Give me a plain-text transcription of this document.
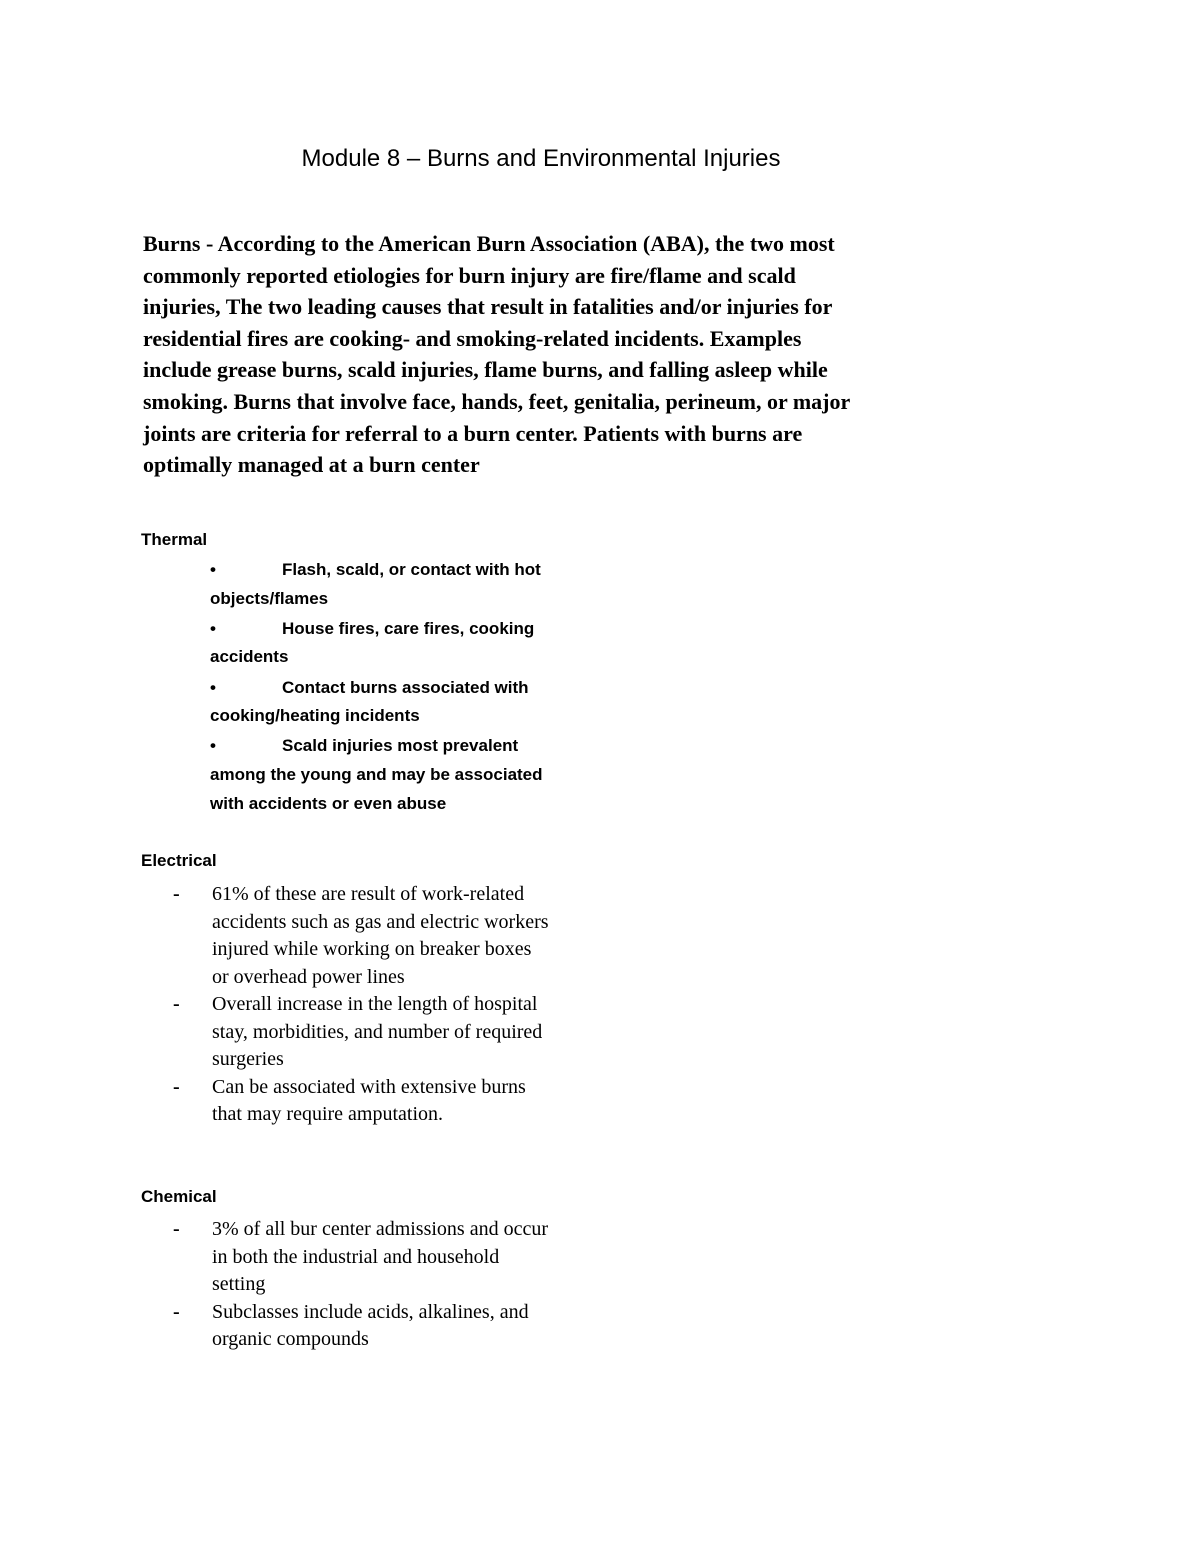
Module 8 – Burns and Environmental Injuries
Burns - According to the American Burn Association (ABA), the two most commonly reported etiologies for burn injury are fire/flame and scald injuries, The two leading causes that result in fatalities and/or injuries for residential fires are cooking- and smoking-related incidents. Examples include grease burns, scald injuries, flame burns, and falling asleep while smoking. Burns that involve face, hands, feet, genitalia, perineum, or major joints are criteria for referral to a burn center. Patients with burns are optimally managed at a burn center
Thermal
•	Flash, scald, or contact with hot objects/flames
•	House fires, care fires, cooking accidents
•	Contact burns associated with cooking/heating incidents
•	Scald injuries most prevalent among the young and may be associated with accidents or even abuse
Electrical
-	61% of these are result of work-related accidents such as gas and electric workers injured while working on breaker boxes or overhead power lines
-	Overall increase in the length of hospital stay, morbidities, and number of required surgeries
-	Can be associated with extensive burns that may require amputation.
Chemical
-	3% of all bur center admissions and occur in both the industrial and household setting
-	Subclasses include acids, alkalines, and organic compounds
